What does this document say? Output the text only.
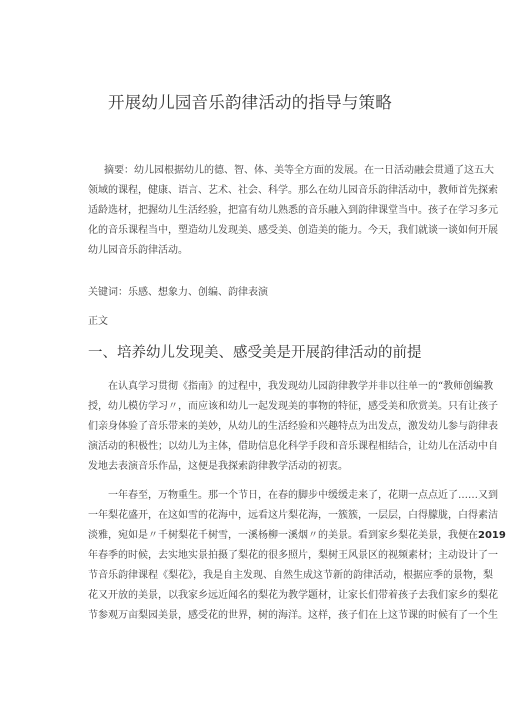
开展幼儿园音乐韵律活动的指导与策略
摘要：幼儿园根据幼儿的德、智、体、美等全方面的发展。在一日活动融会贯通了这五大
领域的课程，健康、语言、艺术、社会、科学。那么在幼儿园音乐韵律活动中，教师首先探索
适龄选材，把握幼儿生活经验，把富有幼儿熟悉的音乐融入到韵律课堂当中。孩子在学习多元
化的音乐课程当中，塑造幼儿发现美、感受美、创造美的能力。今天，我们就谈一谈如何开展
幼儿园音乐韵律活动。
关键词：乐感、想象力、创编、韵律表演
正文
一、培养幼儿发现美、感受美是开展韵律活动的前提
在认真学习贯彻《指南》的过程中，我发现幼儿园韵律教学并非以往单一的“教师创编教
授，幼儿模仿学习〃，而应该和幼儿一起发现美的事物的特征，感受美和欣赏美。只有让孩子
们亲身体验了音乐带来的美妙，从幼儿的生活经验和兴趣特点为出发点，激发幼儿参与韵律表
演活动的积极性；以幼儿为主体，借助信息化科学手段和音乐课程相结合，让幼儿在活动中自
发地去表演音乐作品，这便是我探索韵律教学活动的初衷。
一年春至，万物重生。那一个节日，在春的脚步中缓缓走来了，花期一点点近了……又到
一年梨花盛开，在这如雪的花海中，远看这片梨花海，一簇簇，一层层，白得朦胧，白得素洁
淡雅，宛如是〃千树梨花千树雪，一溪杨柳一溪烟〃的美景。看到家乡梨花美景，我便在2019
年春季的时候，去实地实景拍摄了梨花的很多照片，梨树王风景区的视频素材；主动设计了一
节音乐韵律课程《梨花》，我是自主发现、自然生成这节新的韵律活动，根据应季的景物，梨
花又开放的美景，以我家乡远近闻名的梨花为教学题材，让家长们带着孩子去我们家乡的梨花
节参观万亩梨园美景，感受花的世界，树的海洋。这样，孩子们在上这节课的时候有了一个生
